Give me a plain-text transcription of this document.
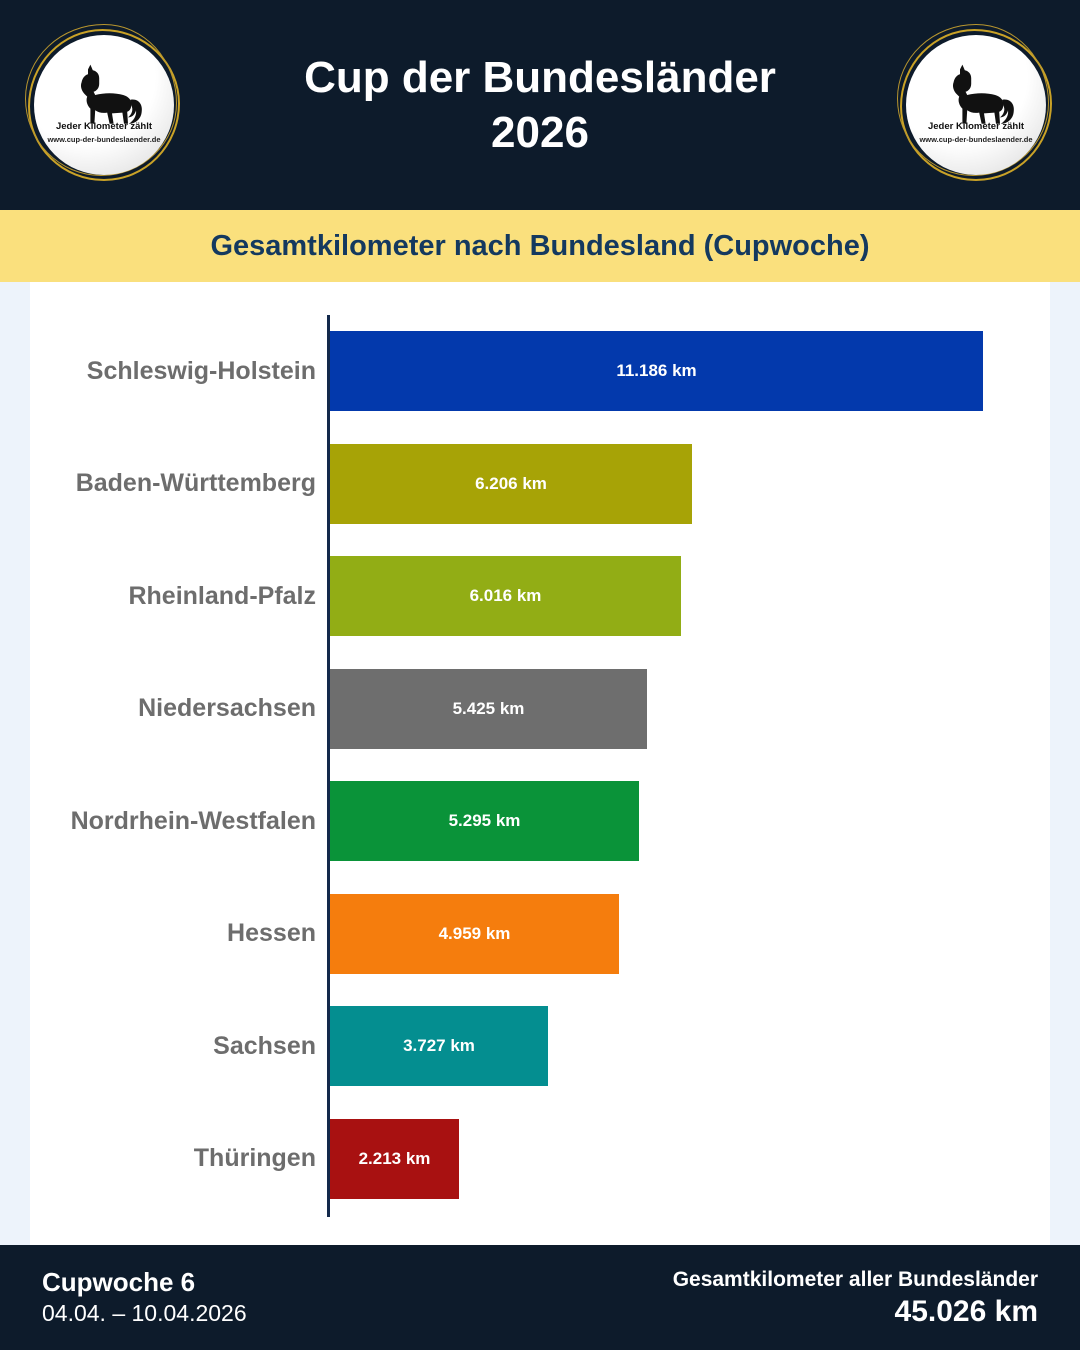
Jeder Kilometer zählt
www.cup-der-bundeslaender.de
Cup der Bundesländer
2026	Jeder Kilometer zählt
www.cup-der-bundeslaender.de
Gesamtkilometer nach Bundesland (Cupwoche)
Schleswig-Holstein	11.186 km
Baden-Württemberg	6.206 km
Rheinland-Pfalz	6.016 km
Niedersachsen	5.425 km
Nordrhein-Westfalen	5.295 km
Hessen	4.959 km
Sachsen	3.727 km
Thüringen	2.213 km
Cupwoche 6
04.04. – 10.04.2026
Gesamtkilometer aller Bundesländer
45.026 km
